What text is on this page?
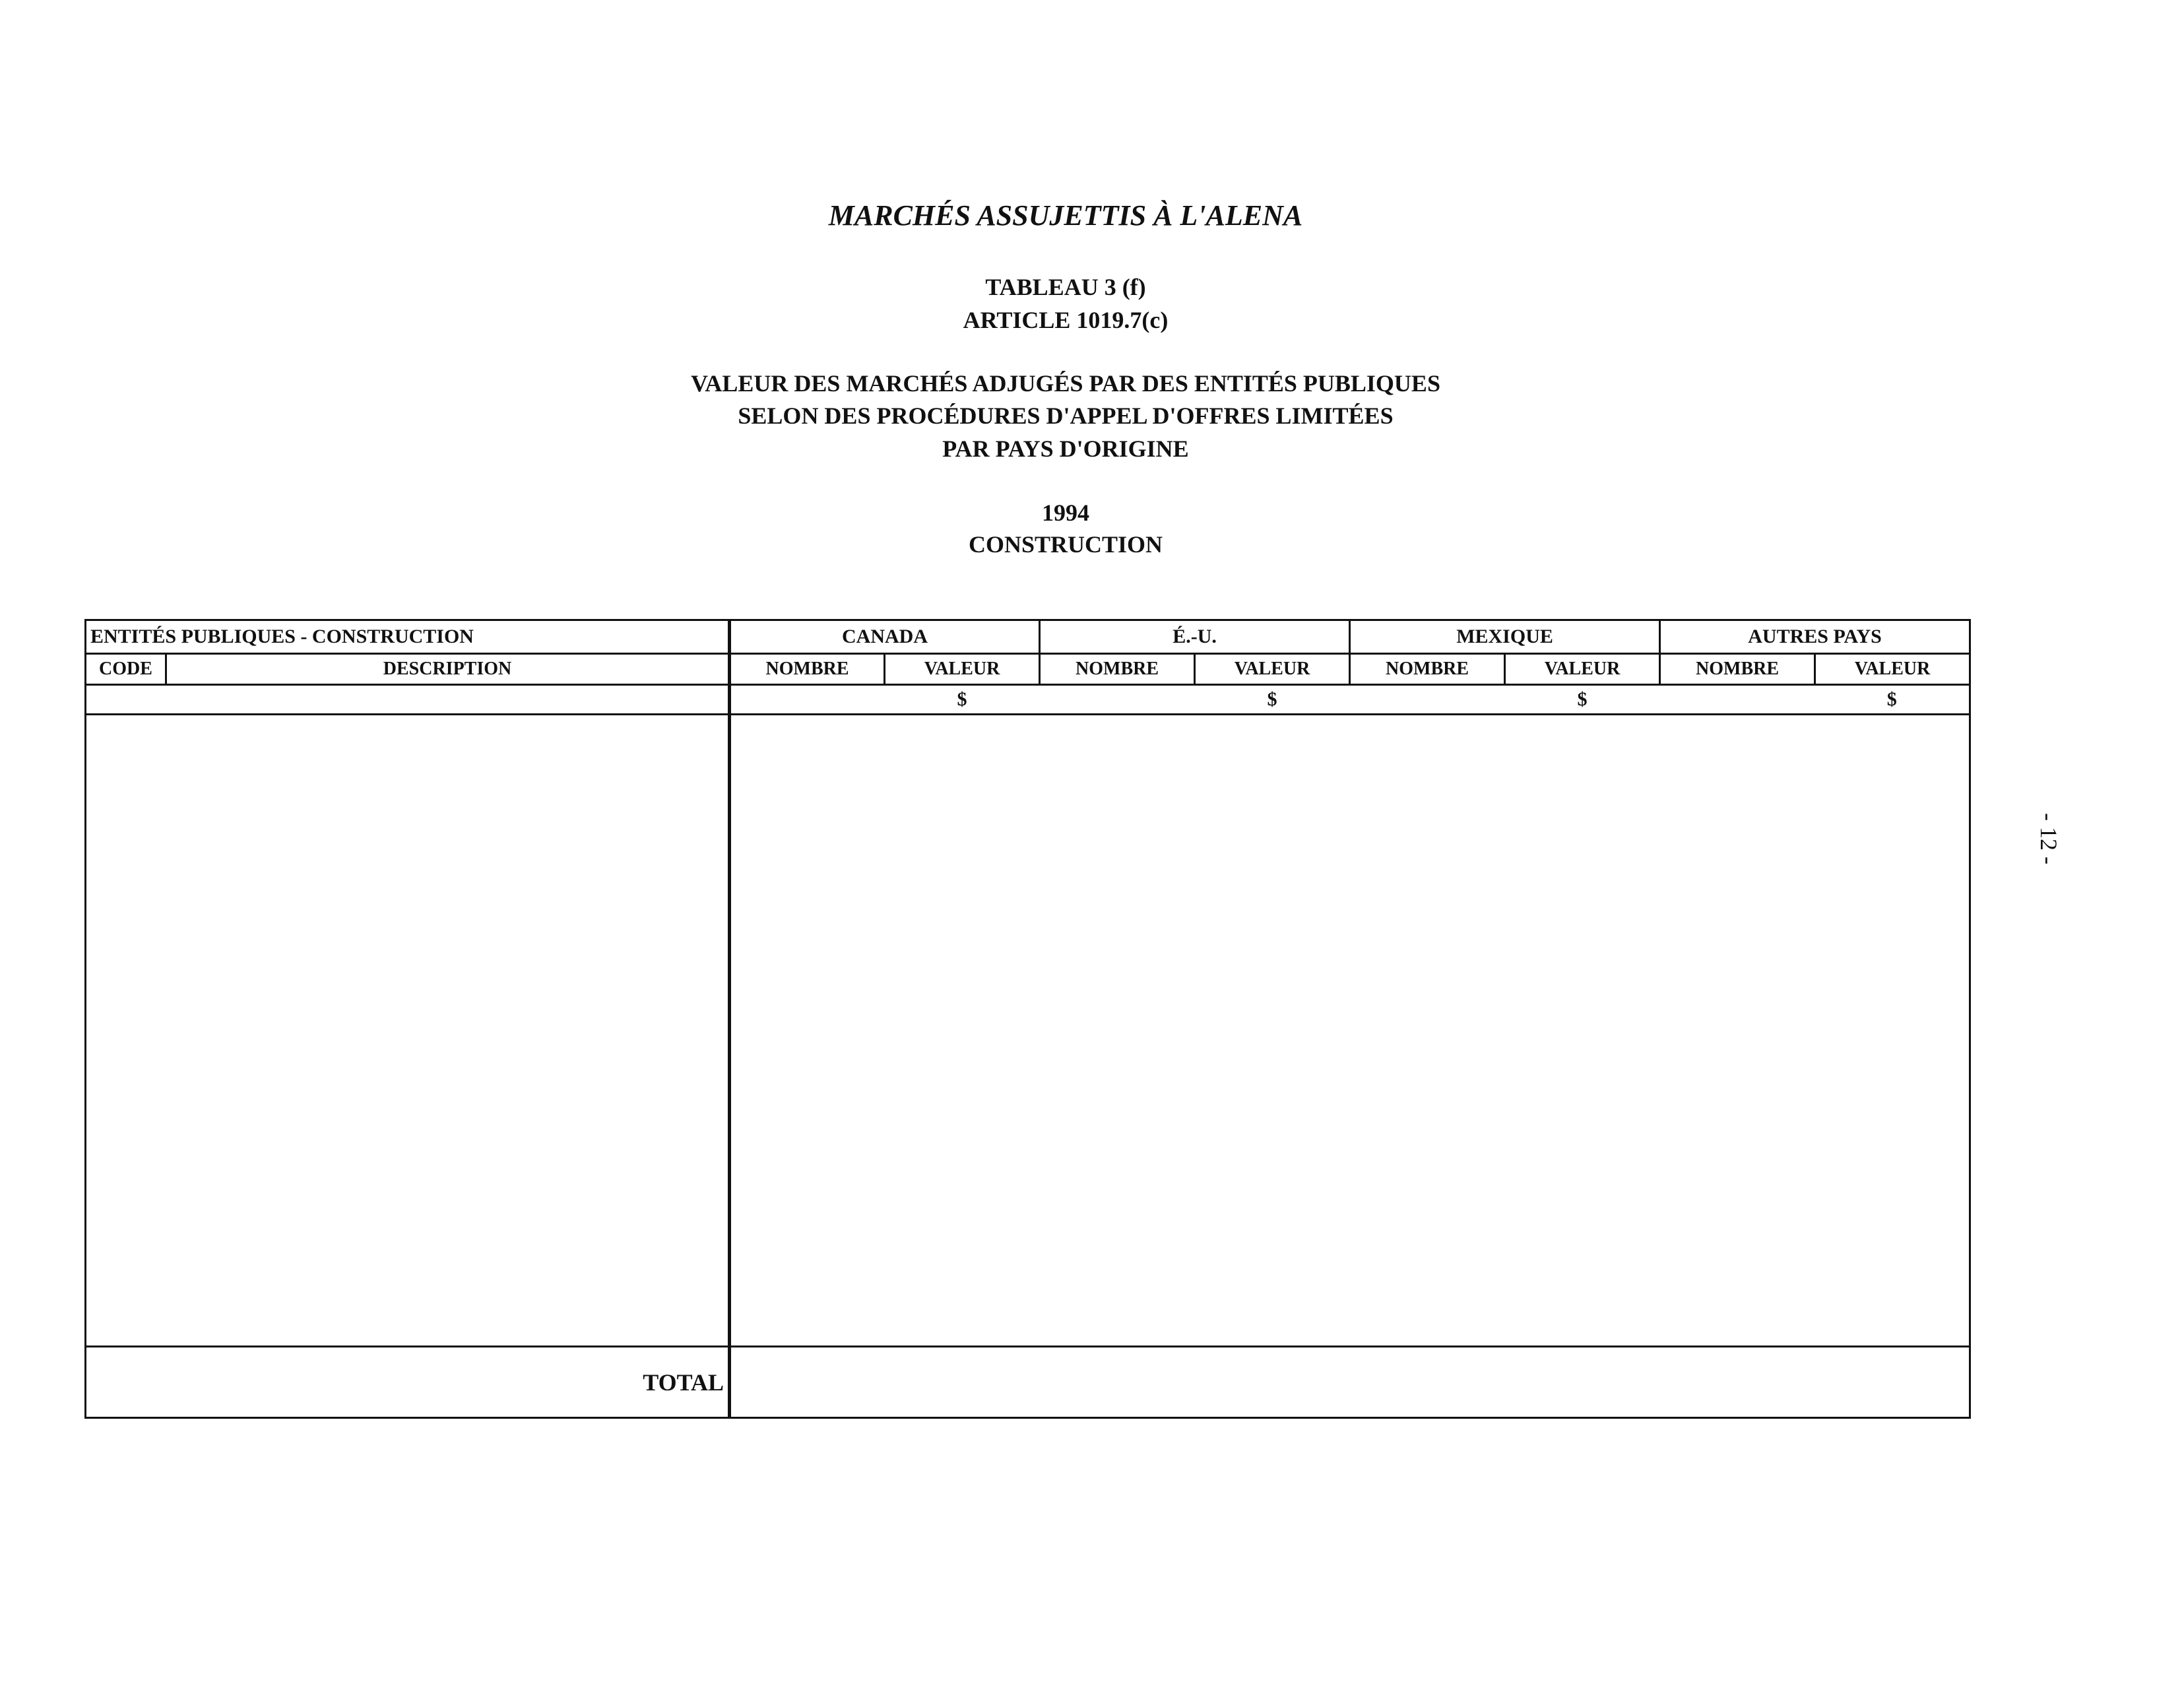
MARCHÉS ASSUJETTIS À L'ALENA
TABLEAU 3 (f)
ARTICLE 1019.7(c)
VALEUR DES MARCHÉS ADJUGÉS PAR DES ENTITÉS PUBLIQUES
SELON DES PROCÉDURES D'APPEL D'OFFRES LIMITÉES
PAR PAYS D'ORIGINE
1994
CONSTRUCTION
- 12 -
ENTITÉS PUBLIQUES - CONSTRUCTION		CANADA		É.-U.		MEXIQUE		AUTRES PAYS	
CODE	DESCRIPTION	NOMBRE	VALEUR	NOMBRE	VALEUR	NOMBRE	VALEUR	NOMBRE	VALEUR
			$		$		$		$

TOTAL									
